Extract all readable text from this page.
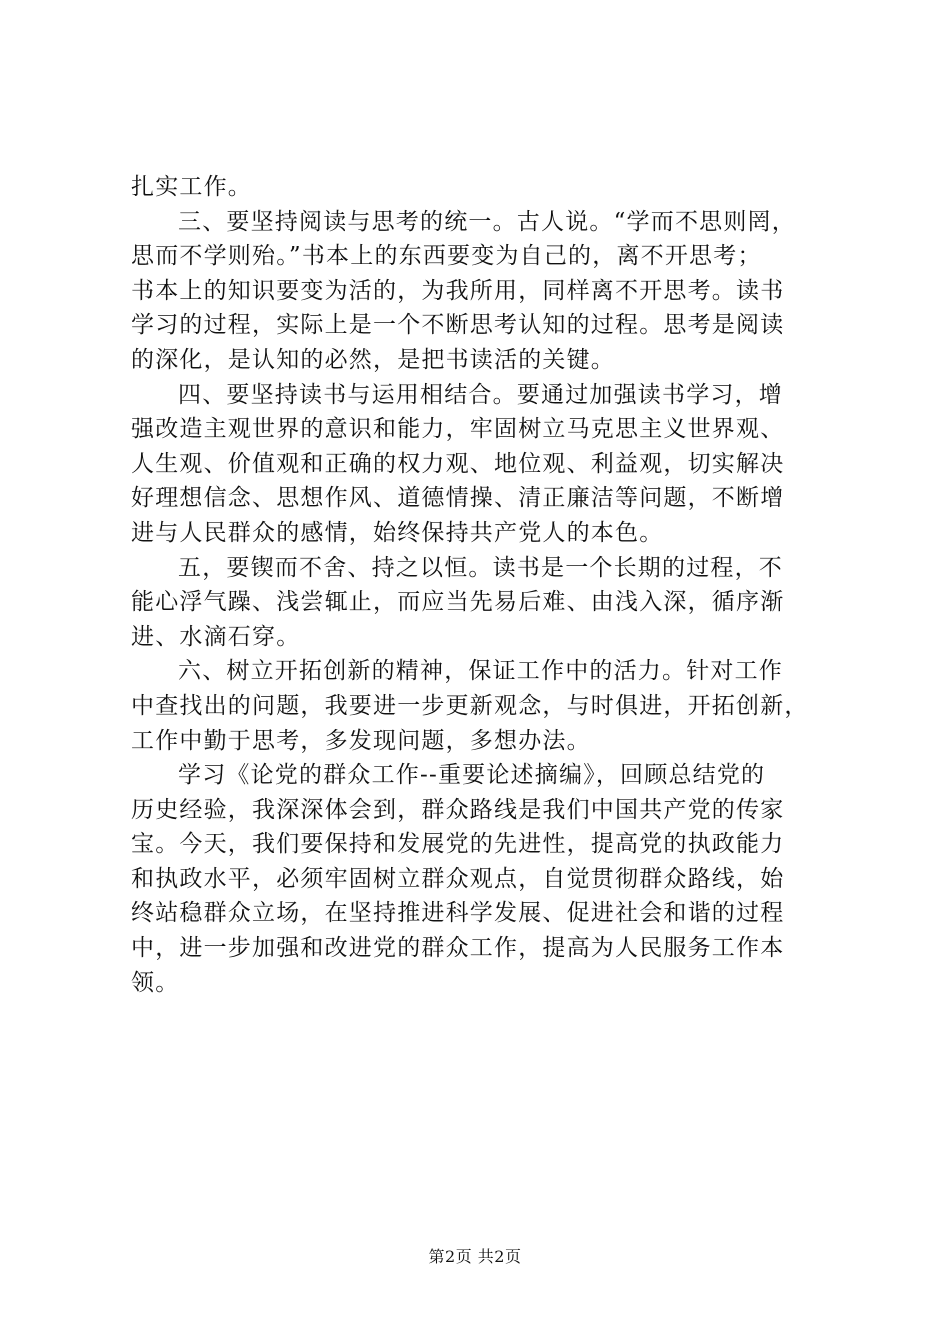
扎实工作。
三、要坚持阅读与思考的统一。古人说。“学而不思则罔，
思而不学则殆。”书本上的东西要变为自己的，离不开思考；
书本上的知识要变为活的，为我所用，同样离不开思考。读书
学习的过程，实际上是一个不断思考认知的过程。思考是阅读
的深化，是认知的必然，是把书读活的关键。
四、要坚持读书与运用相结合。要通过加强读书学习，增
强改造主观世界的意识和能力，牢固树立马克思主义世界观、
人生观、价值观和正确的权力观、地位观、利益观，切实解决
好理想信念、思想作风、道德情操、清正廉洁等问题，不断增
进与人民群众的感情，始终保持共产党人的本色。
五，要锲而不舍、持之以恒。读书是一个长期的过程，不
能心浮气躁、浅尝辄止，而应当先易后难、由浅入深，循序渐
进、水滴石穿。
六、树立开拓创新的精神，保证工作中的活力。针对工作
中查找出的问题，我要进一步更新观念，与时俱进，开拓创新，
工作中勤于思考，多发现问题，多想办法。
学习《论党的群众工作--重要论述摘编》，回顾总结党的
历史经验，我深深体会到，群众路线是我们中国共产党的传家
宝。今天，我们要保持和发展党的先进性，提高党的执政能力
和执政水平，必须牢固树立群众观点，自觉贯彻群众路线，始
终站稳群众立场，在坚持推进科学发展、促进社会和谐的过程
中，进一步加强和改进党的群众工作，提高为人民服务工作本
领。
第2页 共2页
